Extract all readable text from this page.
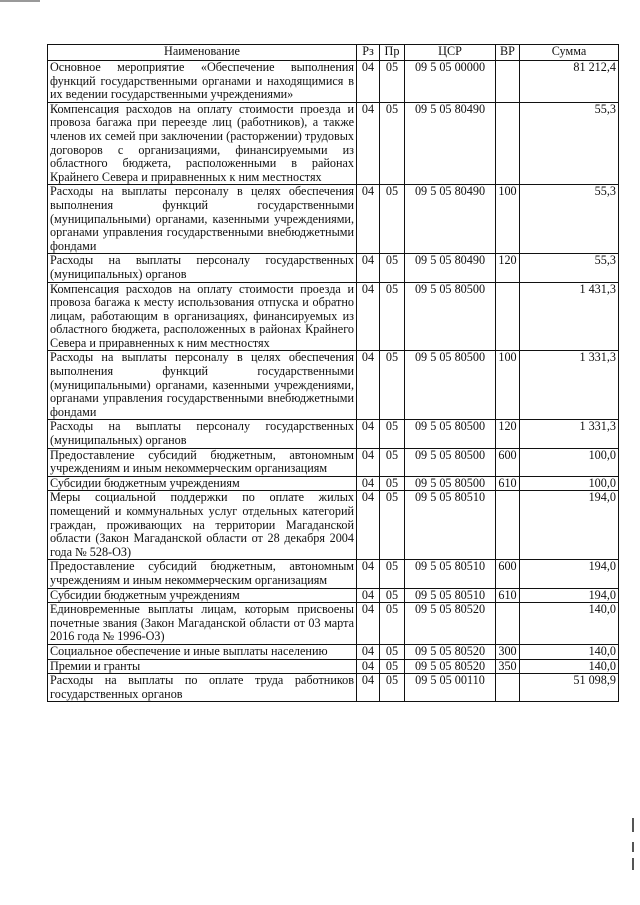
Наименование	Рз	Пр	ЦСР	ВР	Сумма
Основное мероприятие «Обеспечение выполнения функций государственными органами и находящимися в их ведении государственными учреждениями»	04	05	09 5 05 00000		81 212,4
Компенсация расходов на оплату стоимости проезда и провоза багажа при переезде лиц (работников), а также членов их семей при заключении (расторжении) трудовых договоров с организациями, финансируемыми из областного бюджета, расположенными в районах Крайнего Севера и приравненных к ним местностях	04	05	09 5 05 80490		55,3
Расходы на выплаты персоналу в целях обеспечения выполнения функций государственными (муниципальными) органами, казенными учреждениями, органами управления государственными внебюджетными фондами	04	05	09 5 05 80490	100	55,3
Расходы на выплаты персоналу государственных (муниципальных) органов	04	05	09 5 05 80490	120	55,3
Компенсация расходов на оплату стоимости проезда и провоза багажа к месту использования отпуска и обратно лицам, работающим в организациях, финансируемых из областного бюджета, расположенных в районах Крайнего Севера и приравненных к ним местностях	04	05	09 5 05 80500		1 431,3
Расходы на выплаты персоналу в целях обеспечения выполнения функций государственными (муниципальными) органами, казенными учреждениями, органами управления государственными внебюджетными фондами	04	05	09 5 05 80500	100	1 331,3
Расходы на выплаты персоналу государственных (муниципальных) органов	04	05	09 5 05 80500	120	1 331,3
Предоставление субсидий бюджетным, автономным учреждениям и иным некоммерческим организациям	04	05	09 5 05 80500	600	100,0
Субсидии бюджетным учреждениям	04	05	09 5 05 80500	610	100,0
Меры социальной поддержки по оплате жилых помещений и коммунальных услуг отдельных категорий граждан, проживающих на территории Магаданской области (Закон Магаданской области от 28 декабря 2004 года № 528-ОЗ)	04	05	09 5 05 80510		194,0
Предоставление субсидий бюджетным, автономным учреждениям и иным некоммерческим организациям	04	05	09 5 05 80510	600	194,0
Субсидии бюджетным учреждениям	04	05	09 5 05 80510	610	194,0
Единовременные выплаты лицам, которым присвоены почетные звания (Закон Магаданской области от 03 марта 2016 года № 1996-ОЗ)	04	05	09 5 05 80520		140,0
Социальное обеспечение и иные выплаты населению	04	05	09 5 05 80520	300	140,0
Премии и гранты	04	05	09 5 05 80520	350	140,0
Расходы на выплаты по оплате труда работников государственных органов	04	05	09 5 05 00110		51 098,9
